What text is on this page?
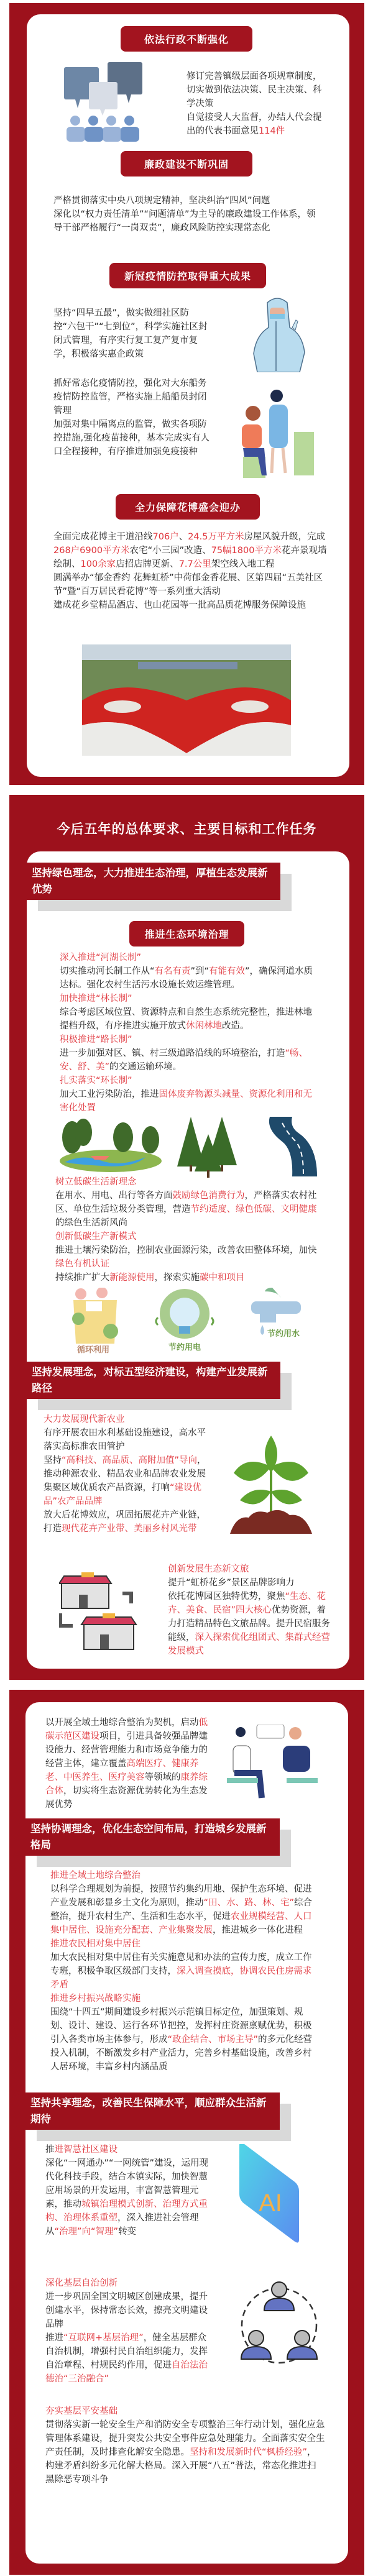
依法行政不断强化

修订完善镇级层面各项规章制度，切实做到依法决策、民主决策、科学决策

自觉接受人大监督，办结人代会提出的代表书面意见114件

廉政建设不断巩固

严格贯彻落实中央八项规定精神，坚决纠治“四风”问题

深化以“权力责任清单”“问题清单”为主导的廉政建设工作体系，领导干部严格履行“一岗双责”，廉政风险防控实现常态化

新冠疫情防控取得重大成果

坚持“四早五最”，做实做细社区防控“六包干”“七到位”，科学实施社区封闭式管理，有序实行复工复产复市复学，积极落实惠企政策

抓好常态化疫情防控，强化对大东船务疫情防控监管，严格实施上船船员封闭管理

加强对集中隔离点的监管，做实各项防控措施,强化疫苗接种，基本完成实有人口全程接种，有序推进加强免疫接种

全力保障花博盛会迎办

全面完成花博主干道沿线706户、24.5万平方米房屋风貌升级，完成268户6900平方米农宅“小三园”改造、75幅1800平方米花卉景观墙绘制、100余家店招店牌更新、7.7公里架空线入地工程

圆满举办“郁金香约 花舞虹桥”中荷郁金香花展、区第四届“五美社区节”暨“百万居民看花博”等一系列重大活动

建成花乡堂精品酒店、也山花园等一批高品质花博服务保障设施

今后五年的总体要求、主要目标和工作任务
坚持绿色理念，大力推进生态治理，厚植生态发展新优势
推进生态环境治理

深入推进“河湖长制”

切实推动河长制工作从“有名有责”到“有能有效”，确保河道水质达标。强化农村生活污水设施长效运维管理。

加快推进“林长制”

综合考虑区域位置、资源特点和自然生态系统完整性，推进林地提档升级，有序推进实施开放式休闲林地改造。

积极推进“路长制”

进一步加强对区、镇、村三级道路沿线的环境整治，打造“畅、安、舒、美”的交通运输环境。

扎实落实“环长制”

加大工业污染防治，推进固体废弃物源头减量、资源化利用和无害化处置

树立低碳生活新理念

在用水、用电、出行等各方面鼓励绿色消费行为，严格落实农村社区、单位生活垃圾分类管理，营造节约适度、绿色低碳、文明健康的绿色生活新风尚

创新低碳生产新模式

推进土壤污染防治，控制农业面源污染，改善农田整体环境，加快绿色有机认证

持续推广扩大新能源使用，探索实施碳中和项目

循环利用	节约用电
节约用水
坚持发展理念，对标五型经济建设，构建产业发展新路径

大力发展现代新农业

有序开展农田水利基础设施建设，高水平落实高标准农田管护

坚持“高科技、高品质、高附加值”导向，推动种源农业、精品农业和品牌农业发展

集聚区域优质农产品资源，打响“建设优品”农产品品牌

放大后花博效应，巩固拓展花卉产业链，打造现代花卉产业带、美丽乡村风光带

创新发展生态新文旅

提升“虹桥花乡”景区品牌影响力

依托花博园区独特优势，聚焦“生态、花卉、美食、民宿”四大核心优势资源，着力打造精品特色文旅品牌。提升民宿服务能级，深入探索优化组团式、集群式经营发展模式

以开展全域土地综合整治为契机，启动低碳示范区建设项目，引进具备较强品牌建设能力、经营管理能力和市场竞争能力的经营主体，建立覆盖高端医疗、健康养老、中医养生、医疗美容等领域的康养综合体，切实将生态资源优势转化为生态发展优势

坚持协调理念，优化生态空间布局，打造城乡发展新格局

推进全域土地综合整治

以科学合理规划为前提，按照节约集约用地、保护生态环境、促进产业发展和彰显乡土文化为原则，推动“田、水、路、林、宅”综合整治，提升农村生产、生活和生态水平，促进农业规模经营、人口集中居住、设施充分配套、产业集聚发展，推进城乡一体化进程

推进农民相对集中居住

加大农民相对集中居住有关实施意见和办法的宣传力度，成立工作专班，积极争取区级部门支持，深入调查摸底，协调农民住房需求矛盾

推进乡村振兴战略实施

围绕“十四五”期间建设乡村振兴示范镇目标定位，加强策划、规划、设计、建设、运行各环节把控，发挥村庄资源禀赋优势，积极引入各类市场主体参与，形成“政企结合、市场主导”的多元化经营投入机制，不断激发乡村产业活力，完善乡村基础设施，改善乡村人居环境，丰富乡村内涵品质

坚持共享理念，改善民生保障水平，顺应群众生活新期待

推进智慧社区建设

深化“一网通办”“一网统管”建设，运用现代化科技手段，结合本镇实际，加快智慧应用场景的开发运用，丰富智慧管理元素，推动城镇治理模式创新、治理方式重构、治理体系重塑，深入推进社会管理从“治理”向“智理”转变

AI

深化基层自治创新

进一步巩固全国文明城区创建成果，提升创建水平，保持常态长效，擦亮文明建设品牌

推进“互联网+基层治理”，健全基层群众自治机制，增强村民自治组织能力，发挥自治章程、村规民约作用，促进自治法治德治“三治融合”

夯实基层平安基础

贯彻落实新一轮安全生产和消防安全专项整治三年行动计划，强化应急管理体系建设，提升突发公共安全事件应急处理能力。全面落实安全生产责任制，及时排查化解安全隐患。坚持和发展新时代“枫桥经验”，构建矛盾纠纷多元化解大格局。深入开展“八五”普法，常态化推进扫黑除恶专项斗争
